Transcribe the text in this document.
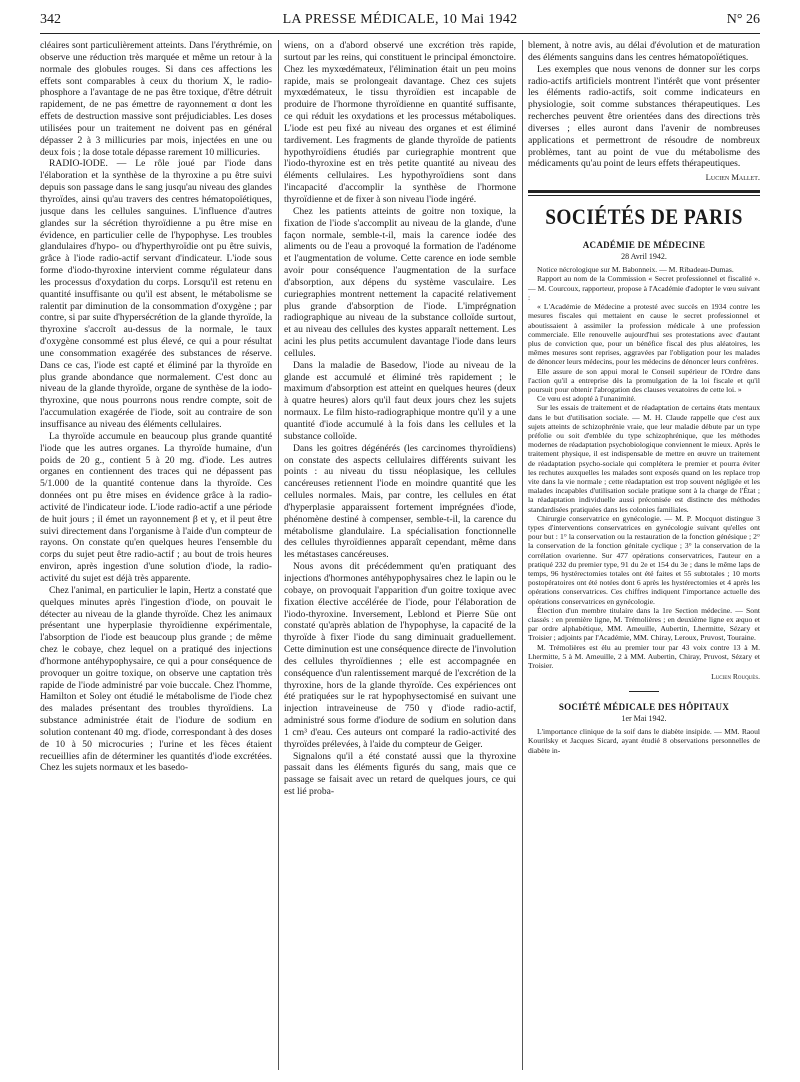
342	LA PRESSE MÉDICALE, 10 Mai 1942	N° 26

cléaires sont particulièrement atteints. Dans l'érythrémie, on observe une réduction très marquée et même un retour à la normale des globules rouges. Si dans ces affections les effets sont comparables à ceux du thorium X, le radio-phosphore a l'avantage de ne pas être toxique, d'être détruit rapidement, de ne pas émettre de rayonnement α dont les effets de destruction massive sont préjudiciables. Les doses utilisées pour un traitement ne doivent pas en général dépasser 2 à 3 millicuries par mois, injectées en une ou deux fois ; la dose totale dépasse rarement 10 millicuries.

RADIO-IODE. — Le rôle joué par l'iode dans l'élaboration et la synthèse de la thyroxine a pu être suivi depuis son passage dans le sang jusqu'au niveau des glandes thyroïdes, ainsi qu'au travers des centres hématopoïétiques, jusque dans les cellules sanguines. L'influence d'autres glandes sur la sécrétion thyroïdienne a pu être mise en évidence, en particulier celle de l'hypophyse. Les troubles glandulaires d'hypo- ou d'hyperthyroïdie ont pu être suivis, grâce à l'iode radio-actif servant d'indicateur. L'iode sous forme d'iodo-thyroxine intervient comme régulateur dans les processus d'oxydation du corps. Lorsqu'il est retenu en quantité insuffisante ou qu'il est absent, le métabolisme se ralentit par diminution de la consommation d'oxygène ; par contre, si par suite d'hypersécrétion de la glande thyroïde, la thyroxine s'accroît au-dessus de la normale, le taux d'oxygène consommé est plus élevé, ce qui a pour résultat une consommation exagérée des substances de réserve. Dans ce cas, l'iode est capté et éliminé par la thyroïde en plus grande abondance que normalement. C'est donc au niveau de la glande thyroïde, organe de synthèse de la iodo-thyroxine, que nous pourrons nous rendre compte, soit de l'accumulation exagérée de l'iode, soit au contraire de son insuffisance au niveau des éléments cellulaires.

La thyroïde accumule en beaucoup plus grande quantité l'iode que les autres organes. La thyroïde humaine, d'un poids de 20 g., contient 5 à 20 mg. d'iode. Les autres organes en contiennent des traces qui ne dépassent pas 5/1.000 de la quantité contenue dans la thyroïde. Ces données ont pu être mises en évidence grâce à la radio-activité de l'indicateur iode. L'iode radio-actif a une période de huit jours ; il émet un rayonnement β et γ, et il peut être suivi directement dans l'organisme à l'aide d'un compteur de rayons. On constate qu'en quelques heures l'ensemble du corps du sujet peut être radio-actif ; au bout de trois heures environ, après ingestion d'une solution d'iode, la radio-activité du sujet est déjà très apparente.

Chez l'animal, en particulier le lapin, Hertz a constaté que quelques minutes après l'ingestion d'iode, on pouvait le détecter au niveau de la glande thyroïde. Chez les animaux présentant une hyperplasie thyroïdienne expérimentale, l'absorption de l'iode est beaucoup plus grande ; de même chez le cobaye, chez lequel on a pratiqué des injections d'hormone antéhypophysaire, ce qui a pour conséquence de provoquer un goitre toxique, on observe une captation très rapide de l'iode administré par voie buccale. Chez l'homme, Hamilton et Soley ont étudié le métabolisme de l'iode chez des malades présentant des troubles thyroïdiens. La substance administrée était de l'iodure de sodium en solution contenant 40 mg. d'iode, correspondant à des doses de 10 à 50 microcuries ; l'urine et les fèces étaient recueillies afin de déterminer les quantités d'iode excrétées. Chez les sujets normaux et les basedo-

wiens, on a d'abord observé une excrétion très rapide, surtout par les reins, qui constituent le principal émonctoire. Chez les myxœdémateux, l'élimination était un peu moins rapide, mais se prolongeait davantage. Chez ces sujets myxœdémateux, le tissu thyroïdien est incapable de produire de l'hormone thyroïdienne en quantité suffisante, ce qui réduit les oxydations et les processus métaboliques. L'iode est peu fixé au niveau des organes et est éliminé tardivement. Les fragments de glande thyroïde de patients hypothyroïdiens étudiés par curiegraphie montrent que l'iodo-thyroxine est en très petite quantité au niveau des éléments cellulaires. Les hypothyroïdiens sont dans l'incapacité d'accomplir la synthèse de l'hormone thyroïdienne et de fixer à son niveau l'iode ingéré.

Chez les patients atteints de goitre non toxique, la fixation de l'iode s'accomplit au niveau de la glande, d'une façon normale, semble-t-il, mais la carence iodée des aliments ou de l'eau a provoqué la formation de l'adénome et l'augmentation de volume. Cette carence en iode semble avoir pour conséquence l'augmentation de la surface d'absorption, aux dépens du système vasculaire. Les curiegraphies montrent nettement la capacité relativement plus grande d'absorption de l'iode. L'imprégnation radiographique au niveau de la substance colloïde surtout, et au niveau des cellules des kystes apparaît nettement. Les acini les plus petits accumulent davantage l'iode dans leurs cellules.

Dans la maladie de Basedow, l'iode au niveau de la glande est accumulé et éliminé très rapidement ; le maximum d'absorption est atteint en quelques heures (deux à quatre heures) alors qu'il faut deux jours chez les sujets normaux. Le film histo-radiographique montre qu'il y a une quantité d'iode accumulé à la fois dans les cellules et la substance colloïde.

Dans les goitres dégénérés (les carcinomes thyroïdiens) on constate des aspects cellulaires différents suivant les points : au niveau du tissu néoplasique, les cellules cancéreuses retiennent l'iode en moindre quantité que les cellules normales. Mais, par contre, les cellules en état d'hyperplasie apparaissent fortement imprégnées d'iode, phénomène destiné à compenser, semble-t-il, la carence du métabolisme glandulaire. La spécialisation fonctionnelle des cellules thyroïdiennes apparaît cependant, même dans les métastases cancéreuses.

Nous avons dit précédemment qu'en pratiquant des injections d'hormones antéhypophysaires chez le lapin ou le cobaye, on provoquait l'apparition d'un goitre toxique avec fixation élective accélérée de l'iode, pour l'élaboration de l'iodo-thyroxine. Inversement, Leblond et Pierre Süe ont constaté qu'après ablation de l'hypophyse, la capacité de la thyroïde à fixer l'iode du sang diminuait graduellement. Cette diminution est une conséquence directe de l'involution des cellules thyroïdiennes ; elle est accompagnée en conséquence d'un ralentissement marqué de l'excrétion de la thyroxine, hors de la glande thyroïde. Ces expériences ont été pratiquées sur le rat hypophysectomisé en suivant une injection intraveineuse de 750 γ d'iode radio-actif, administré sous forme d'iodure de sodium en solution dans 1 cm³ d'eau. Ces auteurs ont comparé la radio-activité des thyroïdes prélevées, à l'aide du compteur de Geiger.

Signalons qu'il a été constaté aussi que la thyroxine passait dans les éléments figurés du sang, mais que ce passage se faisait avec un retard de quelques jours, ce qui est lié proba-

blement, à notre avis, au délai d'évolution et de maturation des éléments sanguins dans les centres hématopoïétiques.

Les exemples que nous venons de donner sur les corps radio-actifs artificiels montrent l'intérêt que vont présenter les éléments radio-actifs, soit comme indicateurs en physiologie, soit comme substances thérapeutiques. Les recherches peuvent être orientées dans des directions très diverses ; elles auront dans l'avenir de nombreuses applications et permettront de résoudre de nombreux problèmes, tant au point de vue du métabolisme des médicaments qu'au point de leurs effets thérapeutiques.

Lucien Mallet.
SOCIÉTÉS DE PARIS
ACADÉMIE DE MÉDECINE
28 Avril 1942.

Notice nécrologique sur M. Babonneix. — M. Ribadeau-Dumas.

Rapport au nom de la Commission « Secret professionnel et fiscalité ». — M. Courcoux, rapporteur, propose à l'Académie d'adopter le vœu suivant :

« L'Académie de Médecine a protesté avec succès en 1934 contre les mesures fiscales qui mettaient en cause le secret professionnel et aboutissaient à assimiler la profession médicale à une profession commerciale. Elle renouvelle aujourd'hui ses protestations avec d'autant plus de conviction que, pour un bénéfice fiscal des plus aléatoires, les mêmes mesures sont reprises, aggravées par l'obligation pour les malades de dénoncer leurs médecins, pour les médecins de dénoncer leurs confrères.

Elle assure de son appui moral le Conseil supérieur de l'Ordre dans l'action qu'il a entreprise dès la promulgation de la loi fiscale et qu'il poursuit pour obtenir l'abrogation des clauses vexatoires de cette loi. »

Ce vœu est adopté à l'unanimité.

Sur les essais de traitement et de réadaptation de certains états mentaux dans le but d'utilisation sociale. — M. H. Claude rappelle que c'est aux sujets atteints de schizophrénie vraie, que leur maladie débute par un type préfolie ou soit d'emblée du type schizophrénique, que les méthodes modernes de réadaptation psychobiologique conviennent le mieux. Après le traitement physique, il est indispensable de mettre en œuvre un traitement de réadaptation psycho-sociale qui complétera le premier et pourra éviter les rechutes auxquelles les malades sont exposés quand on les replace trop vite dans la vie normale ; cette réadaptation est trop souvent négligée et les malades incapables d'utilisation sociale pratique sont à la charge de l'État ; la réadaptation individuelle aussi préconisée est distincte des méthodes standardisées pratiquées dans les colonies familiales.

Chirurgie conservatrice en gynécologie. — M. P. Mocquot distingue 3 types d'interventions conservatrices en gynécologie suivant qu'elles ont pour but : 1° la conservation ou la restauration de la fonction génésique ; 2° la conservation de la fonction génitale cyclique ; 3° la conservation de la corrélation ovarienne. Sur 477 opérations conservatrices, l'auteur en a pratiqué 232 du premier type, 91 du 2e et 154 du 3e ; dans le même laps de temps, 96 hystérectomies totales ont été faites et 55 subtotales ; 10 morts postopératoires ont été notées dont 6 après les hystérectomies et 4 après les opérations conservatrices. Ces chiffres indiquent l'importance actuelle des opérations conservatrices en gynécologie.

Élection d'un membre titulaire dans la 1re Section médecine. — Sont classés : en première ligne, M. Trémolières ; en deuxième ligne ex æquo et par ordre alphabétique, MM. Ameuille, Aubertin, Lhermitte, Sézary et Troisier ; adjoints par l'Académie, MM. Chiray, Leroux, Pruvost, Touraine.

M. Trémolières est élu au premier tour par 43 voix contre 13 à M. Lhermitte, 5 à M. Ameuille, 2 à MM. Aubertin, Chiray, Pruvost, Sézary et Troisier.

Lucien Rouquès.
SOCIÉTÉ MÉDICALE DES HÔPITAUX
1er Mai 1942.

L'importance clinique de la soif dans le diabète insipide. — MM. Raoul Kourilsky et Jacques Sicard, ayant étudié 8 observations personnelles de diabète in-
